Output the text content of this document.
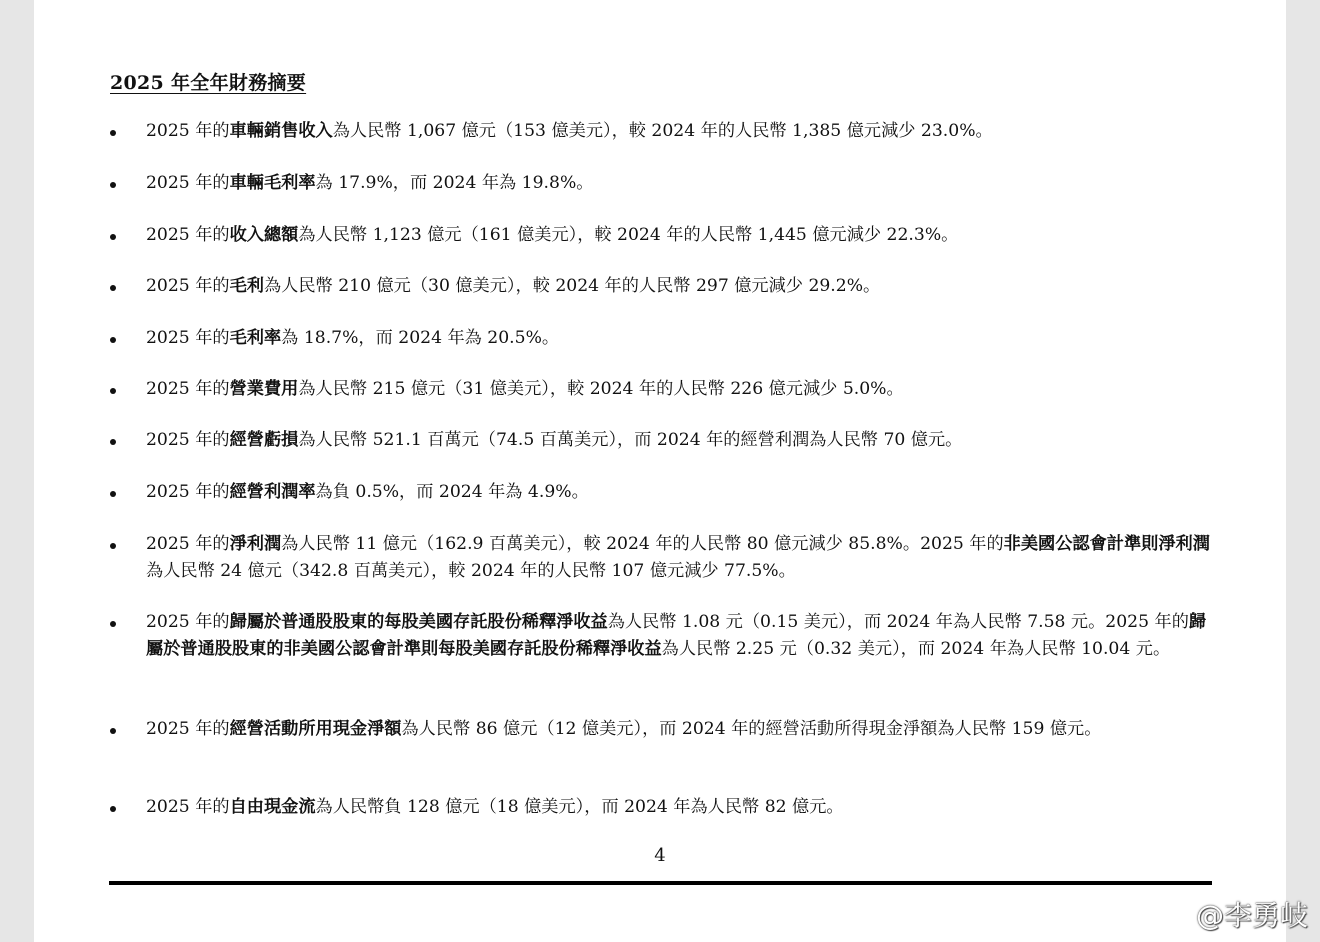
2025 年全年財務摘要
2025 年的車輛銷售收入為人民幣 1,067 億元（153 億美元），較 2024 年的人民幣 1,385 億元減少 23.0%。
2025 年的車輛毛利率為 17.9%，而 2024 年為 19.8%。
2025 年的收入總額為人民幣 1,123 億元（161 億美元），較 2024 年的人民幣 1,445 億元減少 22.3%。
2025 年的毛利為人民幣 210 億元（30 億美元），較 2024 年的人民幣 297 億元減少 29.2%。
2025 年的毛利率為 18.7%，而 2024 年為 20.5%。
2025 年的營業費用為人民幣 215 億元（31 億美元），較 2024 年的人民幣 226 億元減少 5.0%。
2025 年的經營虧損為人民幣 521.1 百萬元（74.5 百萬美元），而 2024 年的經營利潤為人民幣 70 億元。
2025 年的經營利潤率為負 0.5%，而 2024 年為 4.9%。
2025 年的淨利潤為人民幣 11 億元（162.9 百萬美元），較 2024 年的人民幣 80 億元減少 85.8%。2025 年的非美國公認會計準則淨利潤為人民幣 24 億元（342.8 百萬美元），較 2024 年的人民幣 107 億元減少 77.5%。
2025 年的歸屬於普通股股東的每股美國存託股份稀釋淨收益為人民幣 1.08 元（0.15 美元），而 2024 年為人民幣 7.58 元。2025 年的歸屬於普通股股東的非美國公認會計準則每股美國存託股份稀釋淨收益為人民幣 2.25 元（0.32 美元），而 2024 年為人民幣 10.04 元。
2025 年的經營活動所用現金淨額為人民幣 86 億元（12 億美元），而 2024 年的經營活動所得現金淨額為人民幣 159 億元。
2025 年的自由現金流為人民幣負 128 億元（18 億美元），而 2024 年為人民幣 82 億元。
4
@李勇岐
